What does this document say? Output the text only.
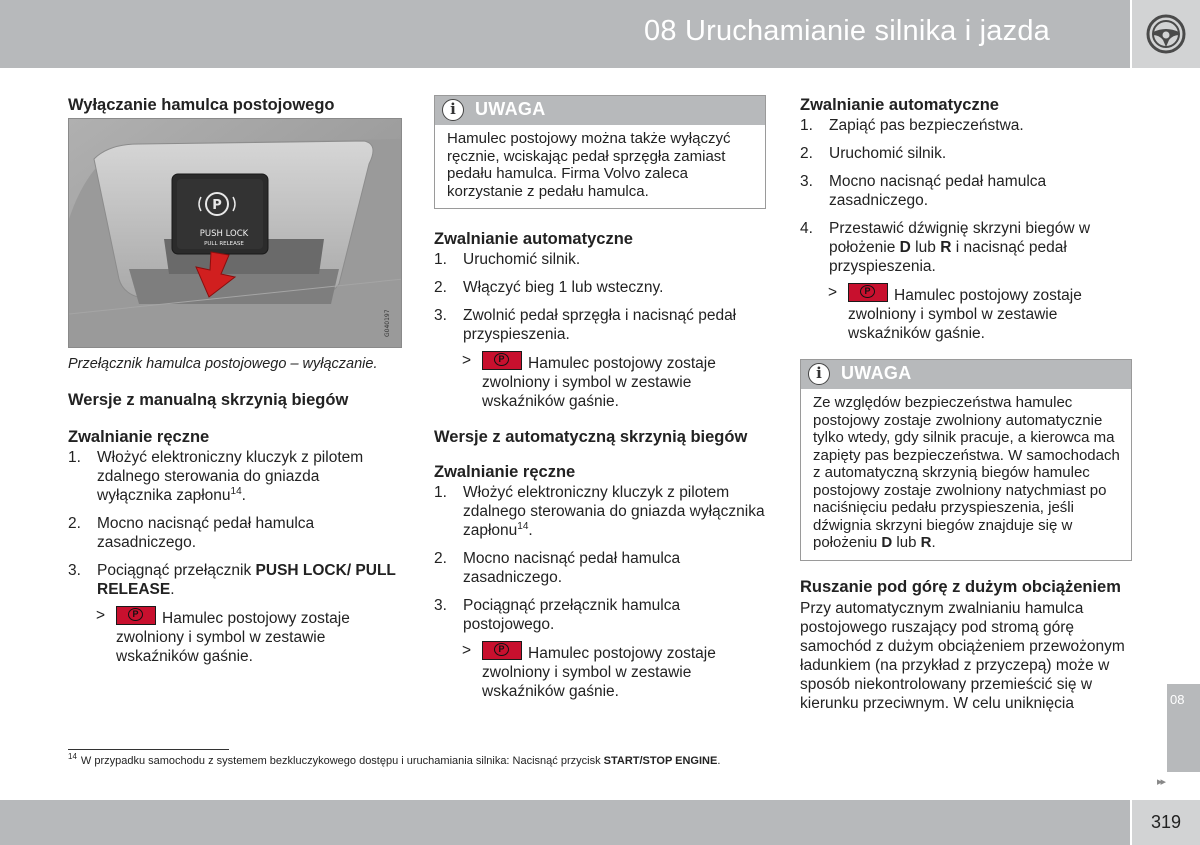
08 Uruchamianie silnika i jazda
Wyłączanie hamulca postojowego
P
PUSH LOCK
PULL RELEASE
G040197
Przełącznik hamulca postojowego – wyłączanie.
Wersje z manualną skrzynią biegów
Zwalnianie ręczne
1. Włożyć elektroniczny kluczyk z pilotem zdalnego sterowania do gniazda wyłącznika zapłonu$^{14}$.
2. Mocno nacisnąć pedał hamulca zasadniczego.
3. Pociągnąć przełącznik PUSH LOCK/ PULL RELEASE.
>	P Hamulec postojowy zostaje zwolniony i symbol w zestawie wskaźników gaśnie.
i	UWAGA
Hamulec postojowy można także wyłączyć ręcznie, wciskając pedał sprzęgła zamiast pedału hamulca. Firma Volvo zaleca korzystanie z pedału hamulca.
Zwalnianie automatyczne
1. Uruchomić silnik.
2. Włączyć bieg 1 lub wsteczny.
3. Zwolnić pedał sprzęgła i nacisnąć pedał przyspieszenia.
>	P Hamulec postojowy zostaje zwolniony i symbol w zestawie wskaźników gaśnie.
Wersje z automatyczną skrzynią biegów
Zwalnianie ręczne
1. Włożyć elektroniczny kluczyk z pilotem zdalnego sterowania do gniazda wyłącznika zapłonu$^{14}$.
2. Mocno nacisnąć pedał hamulca zasadniczego.
3. Pociągnąć przełącznik hamulca postojowego.
>	P Hamulec postojowy zostaje zwolniony i symbol w zestawie wskaźników gaśnie.
Zwalnianie automatyczne
1. Zapiąć pas bezpieczeństwa.
2. Uruchomić silnik.
3. Mocno nacisnąć pedał hamulca zasadniczego.
4. Przestawić dźwignię skrzyni biegów w położenie D lub R i nacisnąć pedał przyspieszenia.
>	P Hamulec postojowy zostaje zwolniony i symbol w zestawie wskaźników gaśnie.
i	UWAGA
Ze względów bezpieczeństwa hamulec postojowy zostaje zwolniony automatycznie tylko wtedy, gdy silnik pracuje, a kierowca ma zapięty pas bezpieczeństwa. W samochodach z automatyczną skrzynią biegów hamulec postojowy zostaje zwolniony natychmiast po naciśnięciu pedału przyspieszenia, jeśli dźwignia skrzyni biegów znajduje się w położeniu D lub R.
Ruszanie pod górę z dużym obciążeniem
Przy automatycznym zwalnianiu hamulca postojowego ruszający pod stromą górę samochód z dużym obciążeniem przewożonym ładunkiem (na przykład z przyczepą) może w sposób niekontrolowany przemieścić się w kierunku przeciwnym. W celu uniknięcia
$^{14}$ W przypadku samochodu z systemem bezkluczykowego dostępu i uruchamiania silnika: Nacisnąć przycisk START/STOP ENGINE.
08
▸▸
319
